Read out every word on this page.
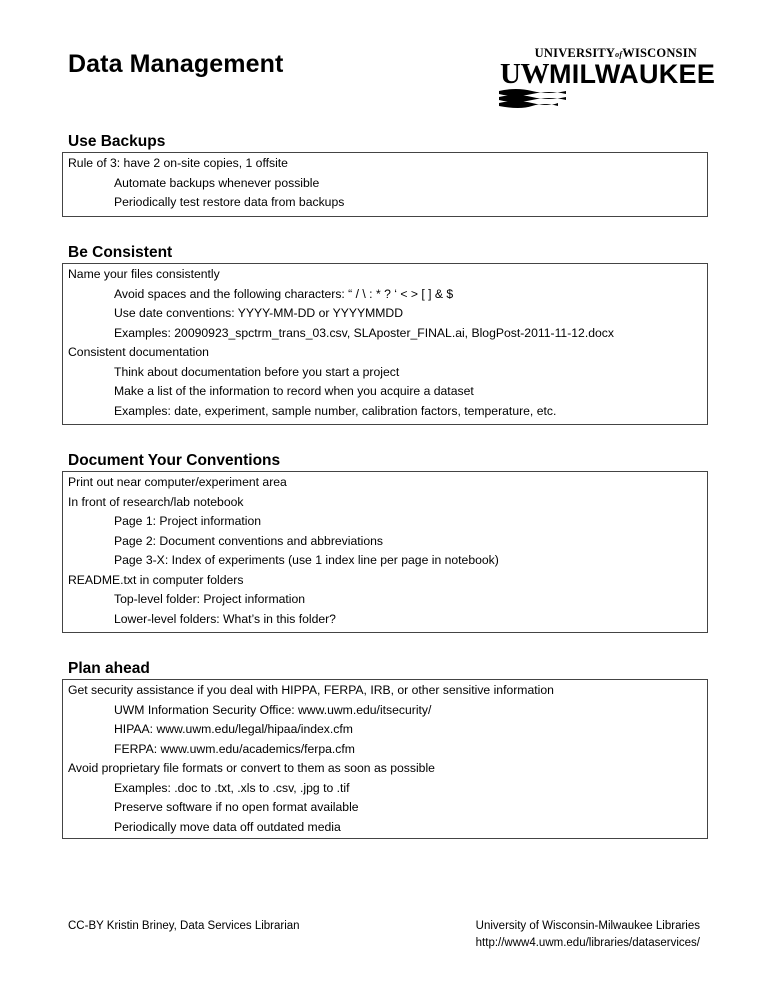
Data Management	UNIVERSITYofWISCONSIN
UWMILWAUKEE
Use Backups
Rule of 3: have 2 on-site copies, 1 offsite
Automate backups whenever possible
Periodically test restore data from backups
Be Consistent
Name your files consistently
Avoid spaces and the following characters: “ / \ : * ? ‘ < > [ ] & $
Use date conventions: YYYY-MM-DD or YYYYMMDD
Examples: 20090923_spctrm_trans_03.csv, SLAposter_FINAL.ai, BlogPost-2011-11-12.docx
Consistent documentation
Think about documentation before you start a project
Make a list of the information to record when you acquire a dataset
Examples: date, experiment, sample number, calibration factors, temperature, etc.
Document Your Conventions
Print out near computer/experiment area
In front of research/lab notebook
Page 1: Project information
Page 2: Document conventions and abbreviations
Page 3-X: Index of experiments (use 1 index line per page in notebook)
README.txt in computer folders
Top-level folder: Project information
Lower-level folders: What’s in this folder?
Plan ahead
Get security assistance if you deal with HIPPA, FERPA, IRB, or other sensitive information
UWM Information Security Office: www.uwm.edu/itsecurity/
HIPAA: www.uwm.edu/legal/hipaa/index.cfm
FERPA: www.uwm.edu/academics/ferpa.cfm
Avoid proprietary file formats or convert to them as soon as possible
Examples: .doc to .txt, .xls to .csv, .jpg to .tif
Preserve software if no open format available
Periodically move data off outdated media
CC-BY Kristin Briney, Data Services Librarian	University of Wisconsin-Milwaukee Libraries
http://www4.uwm.edu/libraries/dataservices/
